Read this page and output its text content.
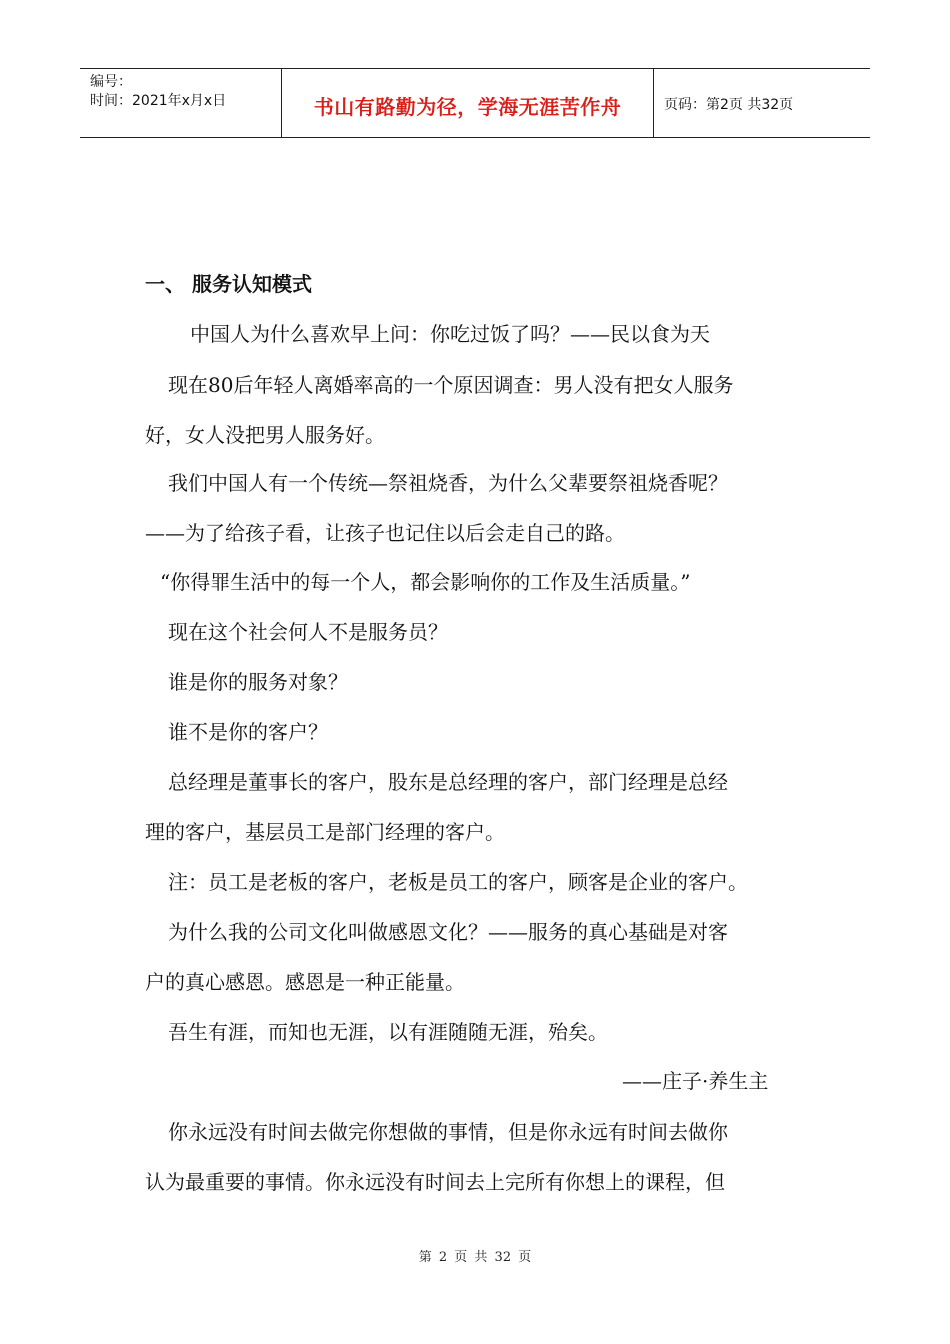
编号：
时间：2021年x月x日	书山有路勤为径，学海无涯苦作舟	页码：第2页 共32页
一、 服务认知模式
中国人为什么喜欢早上问：你吃过饭了吗？——民以食为天
现在80后年轻人离婚率高的一个原因调查：男人没有把女人服务
好，女人没把男人服务好。
我们中国人有一个传统—祭祖烧香，为什么父辈要祭祖烧香呢？
——为了给孩子看，让孩子也记住以后会走自己的路。
“你得罪生活中的每一个人，都会影响你的工作及生活质量。”
现在这个社会何人不是服务员？
谁是你的服务对象？
谁不是你的客户？
总经理是董事长的客户，股东是总经理的客户，部门经理是总经
理的客户，基层员工是部门经理的客户。
注：员工是老板的客户，老板是员工的客户，顾客是企业的客户。
为什么我的公司文化叫做感恩文化？——服务的真心基础是对客
户的真心感恩。感恩是一种正能量。
吾生有涯，而知也无涯，以有涯随随无涯，殆矣。
——庄子·养生主
你永远没有时间去做完你想做的事情，但是你永远有时间去做你
认为最重要的事情。你永远没有时间去上完所有你想上的课程，但
第 2 页 共 32 页
